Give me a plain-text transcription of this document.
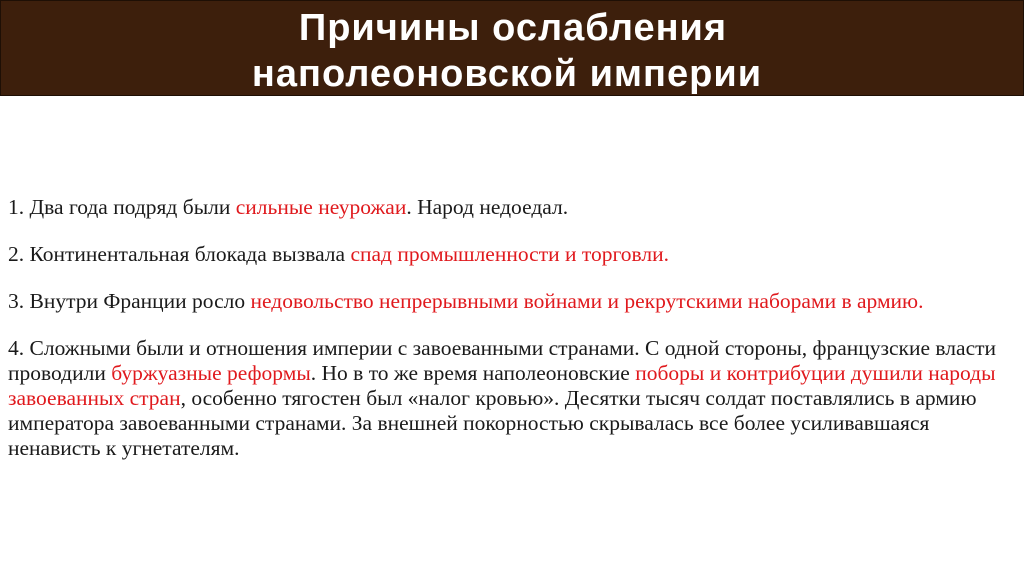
Причины ослабления
наполеоновской империи

1. Два года подряд были сильные неурожаи. Народ недоедал.

2. Континентальная блокада вызвала спад промышленности и торговли.

3. Внутри Франции росло недовольство непрерывными войнами и рекрутскими наборами в армию.

4. Сложными были и отношения империи с завоеванными странами. С одной стороны, французские власти проводили буржуазные реформы. Но в то же время наполеоновские поборы и контрибуции душили народы завоеванных стран, особенно тягостен был «налог кровью». Десятки тысяч солдат поставлялись в армию императора завоеванными странами. За внешней покорностью скрывалась все более усиливавшаяся ненависть к угнетателям.
